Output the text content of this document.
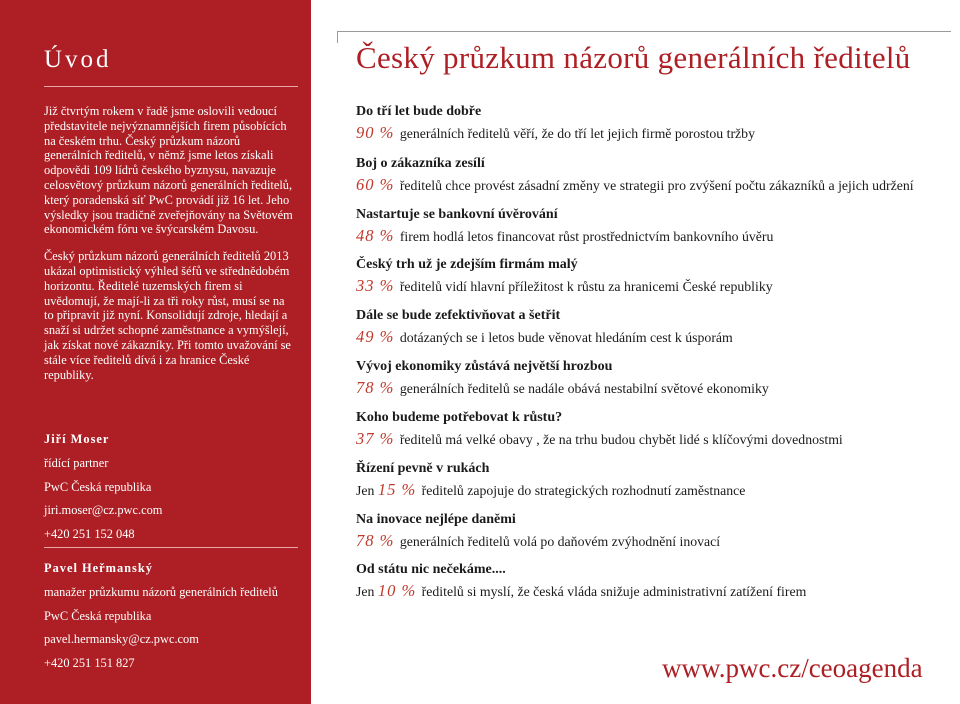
Úvod

Již čtvrtým rokem v řadě jsme oslovili vedoucí představitele nejvýznamnějších firem působících na českém trhu. Český průzkum názorů generálních ředitelů, v němž jsme letos získali odpovědi 109 lídrů českého byznysu, navazuje celosvětový průzkum názorů generálních ředitelů, který poradenská síť PwC provádí již 16 let. Jeho výsledky jsou tradičně zveřejňovány na Světovém ekonomickém fóru ve švýcarském Davosu.

Český průzkum názorů generálních ředitelů 2013 ukázal optimistický výhled šéfů ve střednědobém horizontu. Ředitelé tuzemských firem si uvědomují, že mají-li za tři roky růst, musí se na to připravit již nyní. Konsolidují zdroje, hledají a snaží si udržet schopné zaměstnance a vymýšlejí, jak získat nové zákazníky. Při tomto uvažování se stále více ředitelů dívá i za hranice České republiky.

Jiří Moser
řídící partner
PwC Česká republika
jiri.moser@cz.pwc.com
+420 251 152 048
Pavel Heřmanský
manažer průzkumu názorů generálních ředitelů
PwC Česká republika
pavel.hermansky@cz.pwc.com
+420 251 151 827
Český průzkum názorů generálních ředitelů
Do tří let bude dobře
90 % generálních ředitelů věří, že do tří let jejich firmě porostou tržby
Boj o zákazníka zesílí
60 % ředitelů chce provést zásadní změny ve strategii pro zvýšení počtu zákazníků a jejich udržení
Nastartuje se bankovní úvěrování
48 % firem hodlá letos financovat růst prostřednictvím bankovního úvěru
Český trh už je zdejším firmám malý
33 % ředitelů vidí hlavní příležitost k růstu za hranicemi České republiky
Dále se bude zefektivňovat a šetřit
49 % dotázaných se i letos bude věnovat hledáním cest k úsporám
Vývoj ekonomiky zůstává největší hrozbou
78 % generálních ředitelů se nadále obává nestabilní světové ekonomiky
Koho budeme potřebovat k růstu?
37 % ředitelů má velké obavy , že na trhu budou chybět lidé s klíčovými dovednostmi
Řízení pevně v rukách
Jen 15 % ředitelů zapojuje do strategických rozhodnutí zaměstnance
Na inovace nejlépe daněmi
78 % generálních ředitelů volá po daňovém zvýhodnění inovací
Od státu nic nečekáme....
Jen 10 % ředitelů si myslí, že česká vláda snižuje administrativní zatížení firem
www.pwc.cz/ceoagenda
